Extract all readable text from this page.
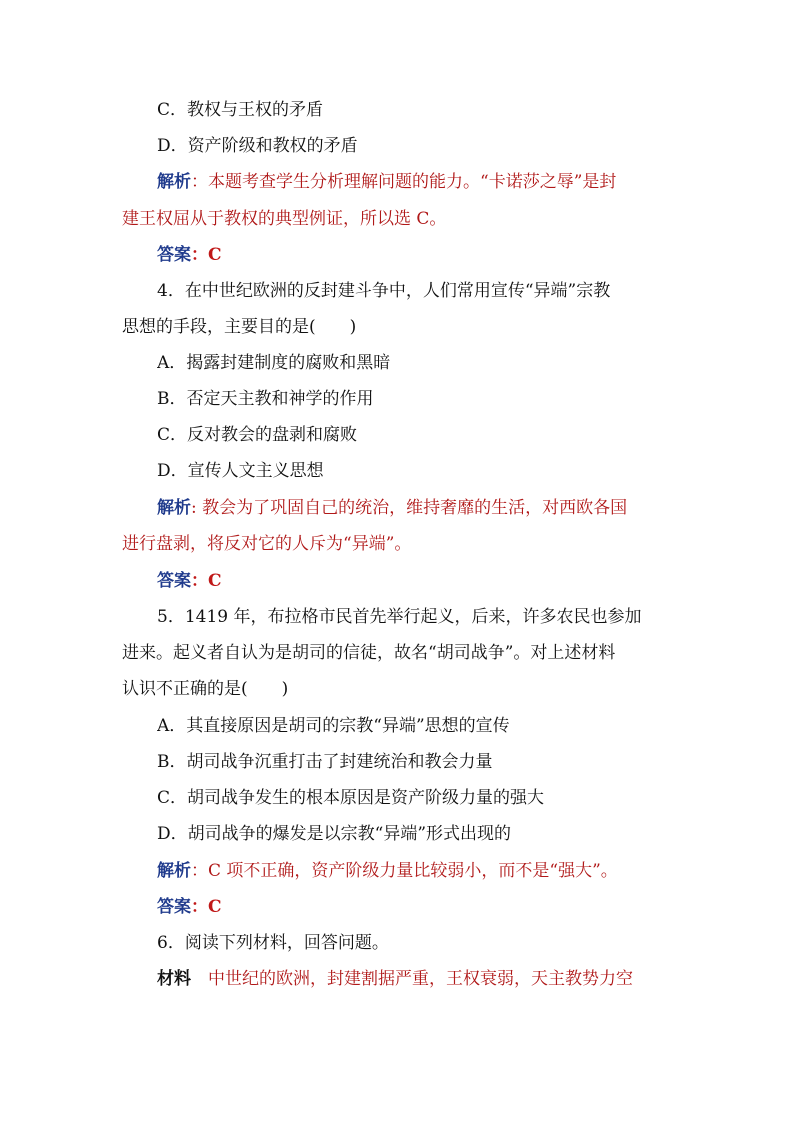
C．教权与王权的矛盾
D．资产阶级和教权的矛盾
解析：本题考查学生分析理解问题的能力。“卡诺莎之辱”是封
建王权屈从于教权的典型例证，所以选 C。
答案：C
4．在中世纪欧洲的反封建斗争中，人们常用宣传“异端”宗教
思想的手段，主要目的是(　　)
A．揭露封建制度的腐败和黑暗
B．否定天主教和神学的作用
C．反对教会的盘剥和腐败
D．宣传人文主义思想
解析: 教会为了巩固自己的统治，维持奢靡的生活，对西欧各国
进行盘剥，将反对它的人斥为“异端”。
答案：C
5．1419 年，布拉格市民首先举行起义，后来，许多农民也参加
进来。起义者自认为是胡司的信徒，故名“胡司战争”。对上述材料
认识不正确的是(　　)
A．其直接原因是胡司的宗教“异端”思想的宣传
B．胡司战争沉重打击了封建统治和教会力量
C．胡司战争发生的根本原因是资产阶级力量的强大
D．胡司战争的爆发是以宗教“异端”形式出现的
解析：C 项不正确，资产阶级力量比较弱小，而不是“强大”。
答案：C
6．阅读下列材料，回答问题。
材料　中世纪的欧洲，封建割据严重，王权衰弱，天主教势力空
